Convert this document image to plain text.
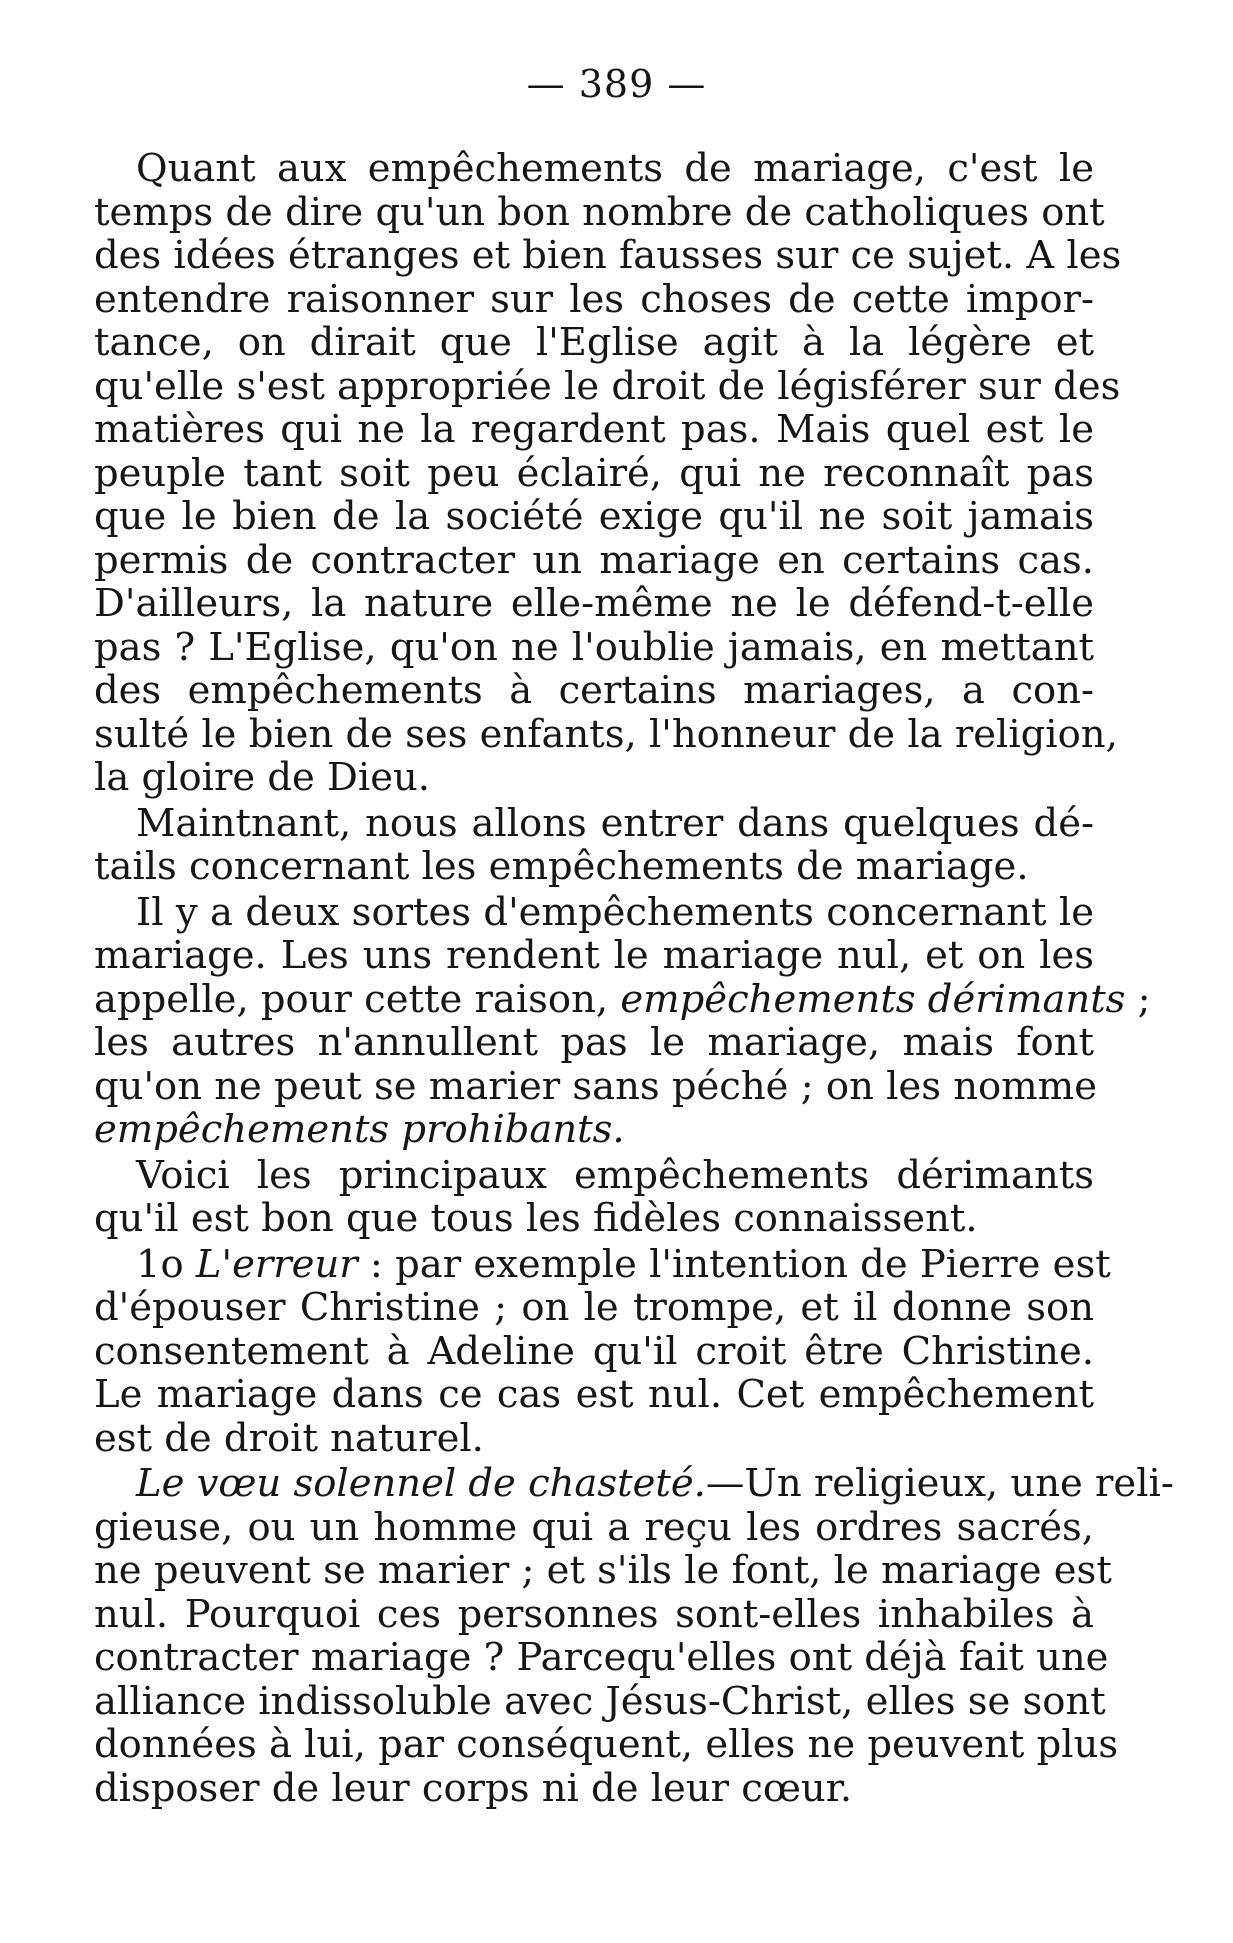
— 389 —
Quant aux empêchements de mariage, c'est le
temps de dire qu'un bon nombre de catholiques ont
des idées étranges et bien fausses sur ce sujet. A les
entendre raisonner sur les choses de cette impor-
tance, on dirait que l'Eglise agit à la légère et
qu'elle s'est appropriée le droit de légisférer sur des
matières qui ne la regardent pas. Mais quel est le
peuple tant soit peu éclairé, qui ne reconnaît pas
que le bien de la société exige qu'il ne soit jamais
permis de contracter un mariage en certains cas.
D'ailleurs, la nature elle-même ne le défend-t-elle
pas ? L'Eglise, qu'on ne l'oublie jamais, en mettant
des empêchements à certains mariages, a con-
sulté le bien de ses enfants, l'honneur de la religion,
la gloire de Dieu.
Maintnant, nous allons entrer dans quelques dé-
tails concernant les empêchements de mariage.
Il y a deux sortes d'empêchements concernant le
mariage. Les uns rendent le mariage nul, et on les
appelle, pour cette raison, empêchements dérimants ;
les autres n'annullent pas le mariage, mais font
qu'on ne peut se marier sans péché ; on les nomme
empêchements prohibants.
Voici les principaux empêchements dérimants
qu'il est bon que tous les fidèles connaissent.
1o L'erreur : par exemple l'intention de Pierre est
d'épouser Christine ; on le trompe, et il donne son
consentement à Adeline qu'il croit être Christine.
Le mariage dans ce cas est nul. Cet empêchement
est de droit naturel.
Le vœu solennel de chasteté.—Un religieux, une reli-
gieuse, ou un homme qui a reçu les ordres sacrés,
ne peuvent se marier ; et s'ils le font, le mariage est
nul. Pourquoi ces personnes sont-elles inhabiles à
contracter mariage ? Parcequ'elles ont déjà fait une
alliance indissoluble avec Jésus-Christ, elles se sont
données à lui, par conséquent, elles ne peuvent plus
disposer de leur corps ni de leur cœur.
